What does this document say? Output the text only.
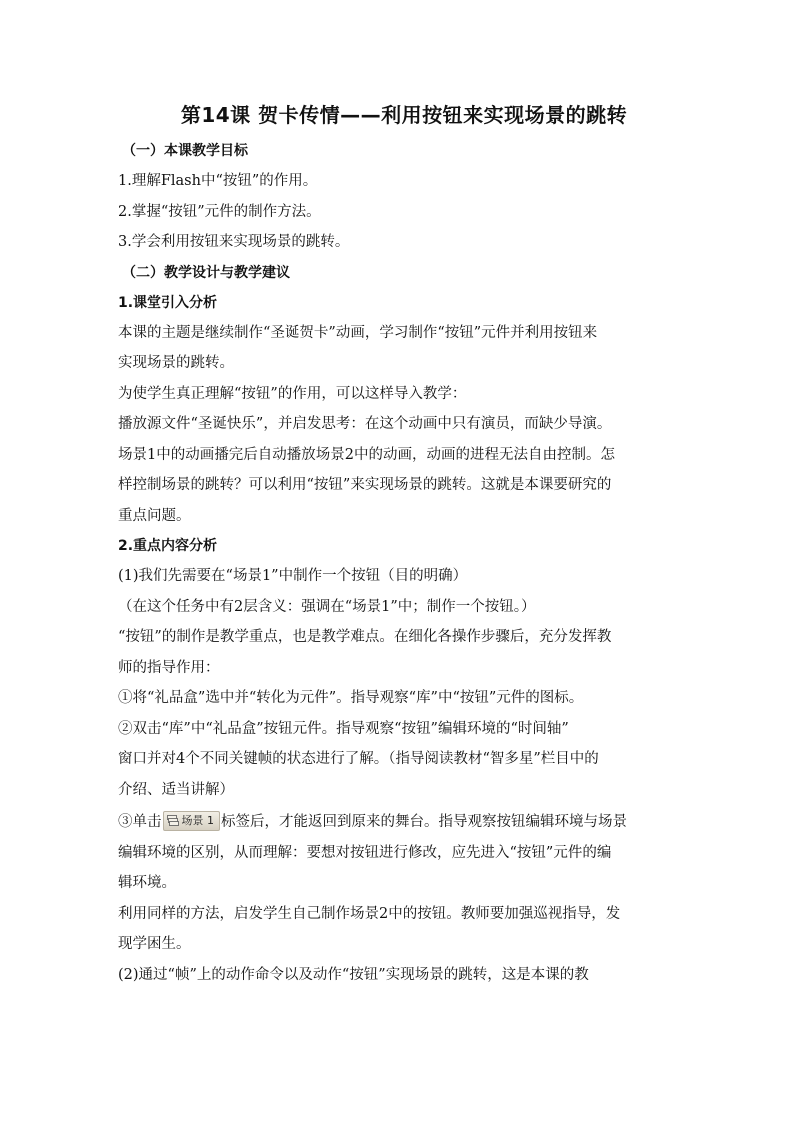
第14课 贺卡传情——利用按钮来实现场景的跳转
（一）本课教学目标

1.理解Flash中“按钮”的作用。

2.掌握“按钮”元件的制作方法。

3.学会利用按钮来实现场景的跳转。

（二）教学设计与教学建议
1.课堂引入分析

本课的主题是继续制作“圣诞贺卡”动画，学习制作“按钮”元件并利用按钮来

实现场景的跳转。

为使学生真正理解“按钮”的作用，可以这样导入教学：

播放源文件“圣诞快乐”，并启发思考：在这个动画中只有演员，而缺少导演。

场景1中的动画播完后自动播放场景2中的动画，动画的进程无法自由控制。怎

样控制场景的跳转？可以利用“按钮”来实现场景的跳转。这就是本课要研究的

重点问题。

2.重点内容分析

(1)我们先需要在“场景1”中制作一个按钮（目的明确）

（在这个任务中有2层含义：强调在“场景1”中；制作一个按钮。）

“按钮”的制作是教学重点，也是教学难点。在细化各操作步骤后，充分发挥教

师的指导作用：

①将“礼品盒”选中并“转化为元件”。指导观察“库”中“按钮”元件的图标。

②双击“库”中“礼品盒”按钮元件。指导观察“按钮”编辑环境的“时间轴”

窗口并对4个不同关键帧的状态进行了解。（指导阅读教材“智多星”栏目中的

介绍、适当讲解）

③单击 场景 1 标签后，才能返回到原来的舞台。指导观察按钮编辑环境与场景

编辑环境的区别，从而理解：要想对按钮进行修改，应先进入“按钮”元件的编

辑环境。

利用同样的方法，启发学生自己制作场景2中的按钮。教师要加强巡视指导，发

现学困生。

(2)通过“帧”上的动作命令以及动作“按钮”实现场景的跳转，这是本课的教
